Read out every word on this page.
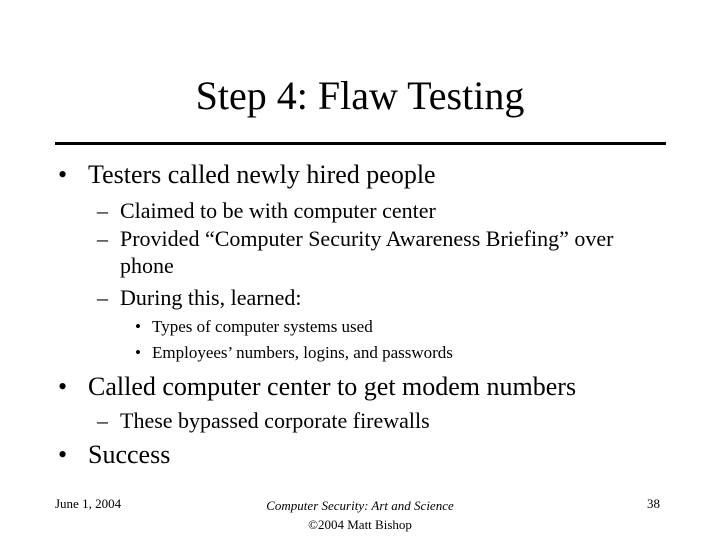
Step 4: Flaw Testing
• Testers called newly hired people
– Claimed to be with computer center
– Provided “Computer Security Awareness Briefing” over phone
– During this, learned:
• Types of computer systems used
• Employees’ numbers, logins, and passwords
• Called computer center to get modem numbers
– These bypassed corporate firewalls
• Success
June 1, 2004	Computer Security: Art and Science
©2004 Matt Bishop
38
